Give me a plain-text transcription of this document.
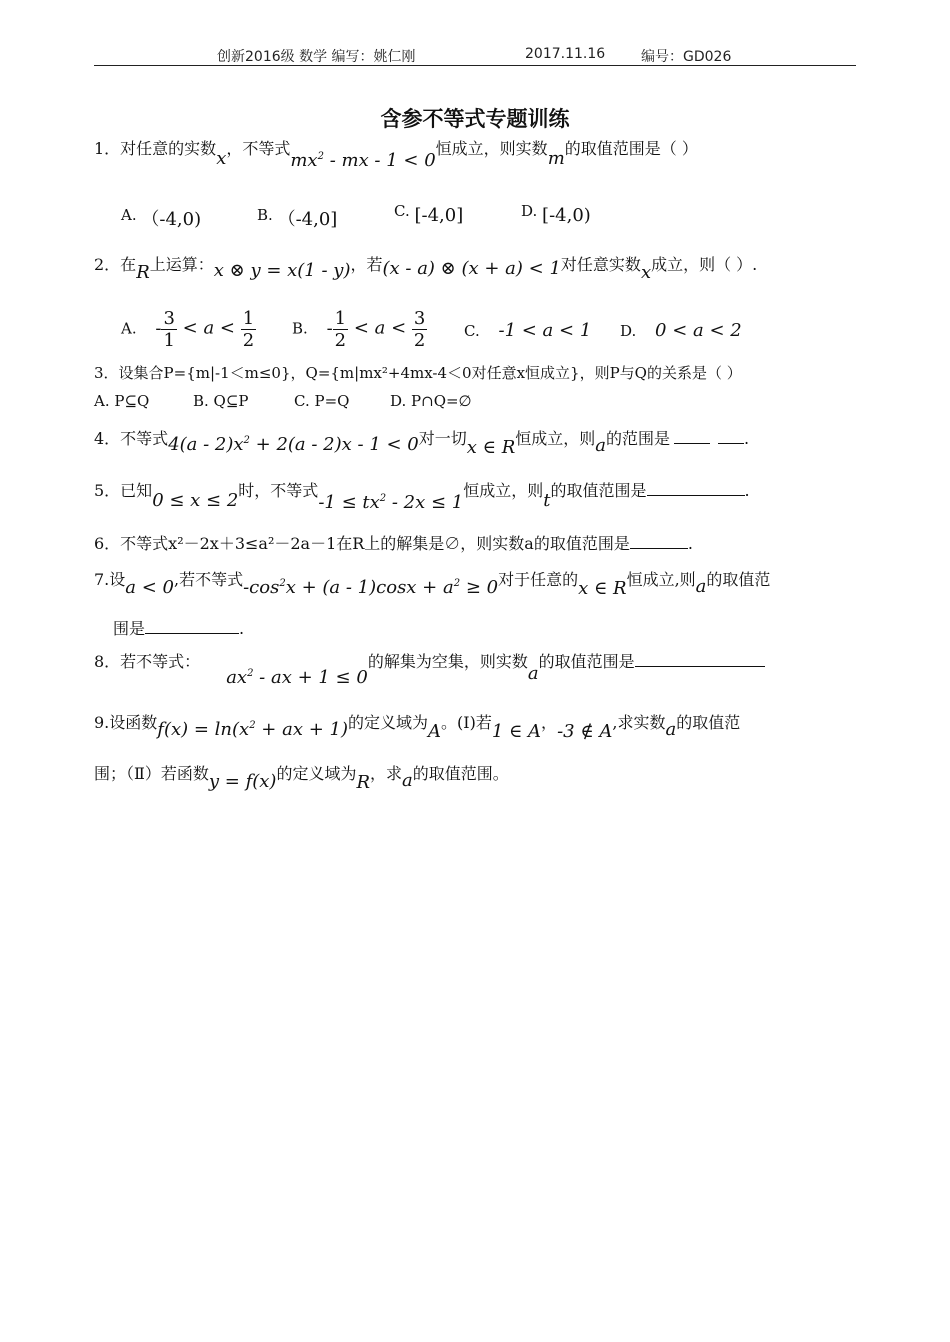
创新2016级 数学 编写：姚仁刚	2017.11.16	编号：GD026
含参不等式专题训练
1．对任意的实数x，不等式$mx^2$ - mx - 1 < 0恒成立，则实数m的取值范围是（ ）
A. （-4,0)	B. （-4,0]	C. [-4,0]	D. [-4,0)
2．在R上运算：x ⊗ y = x(1 - y)，若(x - a) ⊗ (x + a) < 1对任意实数x成立，则（ ）.
A. - $\frac{3}{1} < a < \frac{1}{2} B$. - $\frac{1}{2} < a < \frac{3}{2} C$. -1 < a < 1 D. 0 < a < 2
3．设集合P={m|-1＜m≤0}，Q={m|mx²+4mx-4＜0对任意x恒成立}，则P与Q的关系是（ ）
A. P⊆Q	B. Q⊆P	C. P=Q	D. P∩Q=∅
4．不等式$4(a - 2)x^2 + 2(a - 2)x - 1 < 0$对一切x ∈ R恒成立，则a的范围是	.
5．已知0 ≤ x ≤ 2时，不等式$-1 \le tx^2 - 2x \le 1$恒成立，则t的取值范围是	.
6．不等式x²－2x＋3≤a²－2a－1在R上的解集是∅，则实数a的取值范围是	.
7.设a < 0,若不等式$-\cos^2x + (a - 1)\cos x + a^2 \ge 0$对于任意的x ∈ R恒成立,则a的取值范
围是	.
8．若不等式：$ax^2$ - ax + 1 ≤ 0的解集为空集，则实数a的取值范围是
9.设函数$f(x) = \ln(x^2$ + ax + 1)的定义域为A。(Ⅰ)若1 ∈ A，-3 ∉ A,求实数a的取值范
围；（Ⅱ）若函数y = f(x)的定义域为R，求a的取值范围。
